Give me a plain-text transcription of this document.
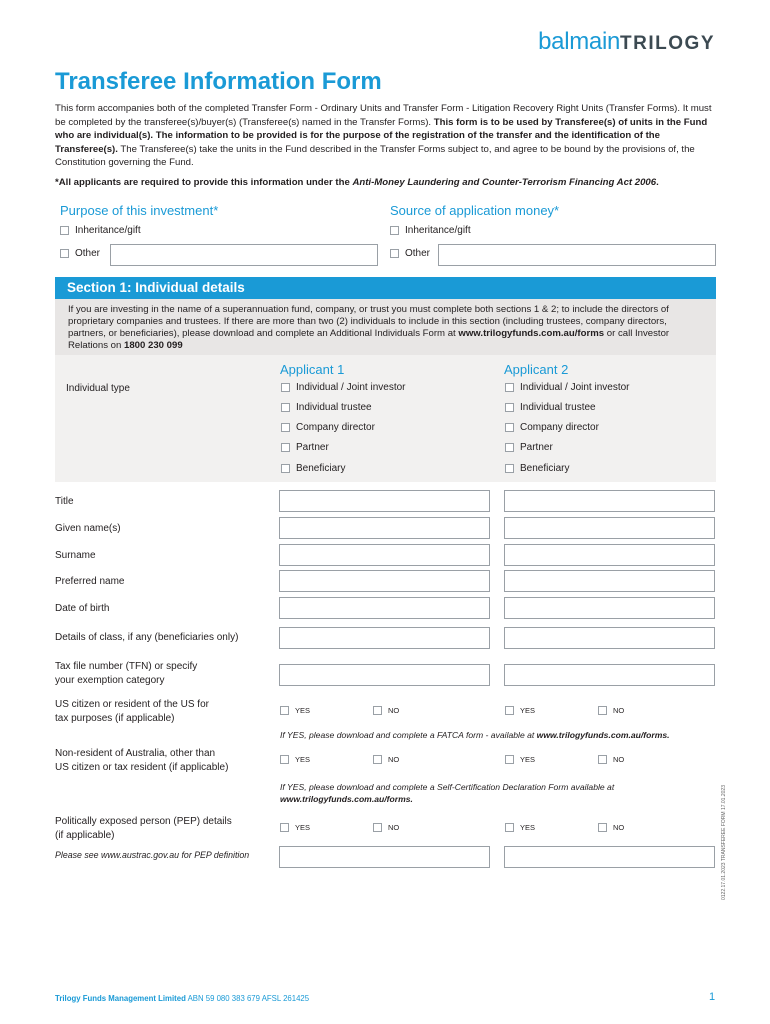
balmain TRILOGY
Transferee Information Form
This form accompanies both of the completed Transfer Form - Ordinary Units and Transfer Form - Litigation Recovery Right Units (Transfer Forms). It must be completed by the transferee(s)/buyer(s) (Transferee(s) named in the Transfer Forms). This form is to be used by Transferee(s) of units in the Fund who are individual(s). The information to be provided is for the purpose of the registration of the transfer and the identification of the Transferee(s). The Transferee(s) take the units in the Fund described in the Transfer Forms subject to, and agree to be bound by the provisions of, the Constitution governing the Fund.
*All applicants are required to provide this information under the Anti-Money Laundering and Counter-Terrorism Financing Act 2006.
Purpose of this investment*
Inheritance/gift
Other
Source of application money*
Inheritance/gift
Other
Section 1: Individual details
If you are investing in the name of a superannuation fund, company, or trust you must complete both sections 1 & 2; to include the directors of proprietary companies and trustees. If there are more than two (2) individuals to include in this section (including trustees, company directors, partners, or beneficiaries), please download and complete an Additional Individuals Form at www.trilogyfunds.com.au/forms or call Investor Relations on 1800 230 099
Applicant 1	Applicant 2
Individual type	Individual / Joint investor
Individual trustee
Company director
Partner
Beneficiary
Individual / Joint investor
Individual trustee
Company director
Partner
Beneficiary
Title
Given name(s)
Surname
Preferred name
Date of birth
Details of class, if any (beneficiaries only)
Tax file number (TFN) or specify
your exemption category
US citizen or resident of the US for
tax purposes (if applicable)
YES	NO	YES	NO
If YES, please download and complete a FATCA form - available at www.trilogyfunds.com.au/forms.
Non-resident of Australia, other than
US citizen or tax resident (if applicable)
YES	NO	YES	NO
If YES, please download and complete a Self-Certification Declaration Form available at
www.trilogyfunds.com.au/forms.
Politically exposed person (PEP) details
(if applicable)
YES	NO	YES	NO
Please see www.austrac.gov.au for PEP definition
Trilogy Funds Management Limited ABN 59 080 383 679 AFSL 261425	1
0122.17.01.2023 TRANSFEREE FORM 17.01.2023
